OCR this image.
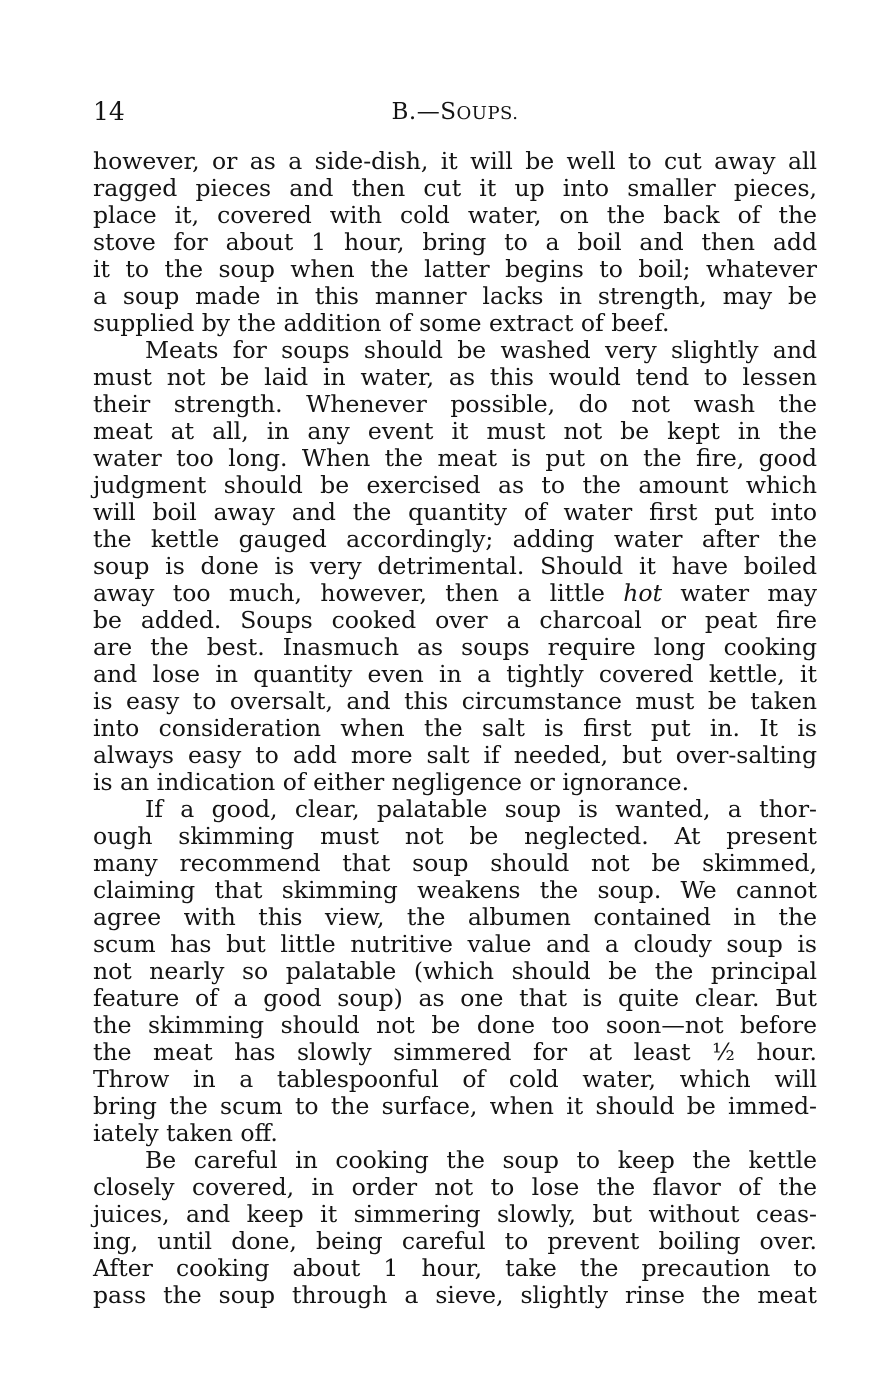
14	B.—SOUPS.
however, or as a side-dish, it will be well to cut away all
ragged pieces and then cut it up into smaller pieces,
place it, covered with cold water, on the back of the
stove for about 1 hour, bring to a boil and then add
it to the soup when the latter begins to boil; whatever
a soup made in this manner lacks in strength, may be
supplied by the addition of some extract of beef.
Meats for soups should be washed very slightly and
must not be laid in water, as this would tend to lessen
their strength. Whenever possible, do not wash the
meat at all, in any event it must not be kept in the
water too long. When the meat is put on the fire, good
judgment should be exercised as to the amount which
will boil away and the quantity of water first put into
the kettle gauged accordingly; adding water after the
soup is done is very detrimental. Should it have boiled
away too much, however, then a little hot water may
be added. Soups cooked over a charcoal or peat fire
are the best. Inasmuch as soups require long cooking
and lose in quantity even in a tightly covered kettle, it
is easy to oversalt, and this circumstance must be taken
into consideration when the salt is first put in. It is
always easy to add more salt if needed, but over-salting
is an indication of either negligence or ignorance.
If a good, clear, palatable soup is wanted, a thor-
ough skimming must not be neglected. At present
many recommend that soup should not be skimmed,
claiming that skimming weakens the soup. We cannot
agree with this view, the albumen contained in the
scum has but little nutritive value and a cloudy soup is
not nearly so palatable (which should be the principal
feature of a good soup) as one that is quite clear. But
the skimming should not be done too soon—not before
the meat has slowly simmered for at least ½ hour.
Throw in a tablespoonful of cold water, which will
bring the scum to the surface, when it should be immed-
iately taken off.
Be careful in cooking the soup to keep the kettle
closely covered, in order not to lose the flavor of the
juices, and keep it simmering slowly, but without ceas-
ing, until done, being careful to prevent boiling over.
After cooking about 1 hour, take the precaution to
pass the soup through a sieve, slightly rinse the meat
